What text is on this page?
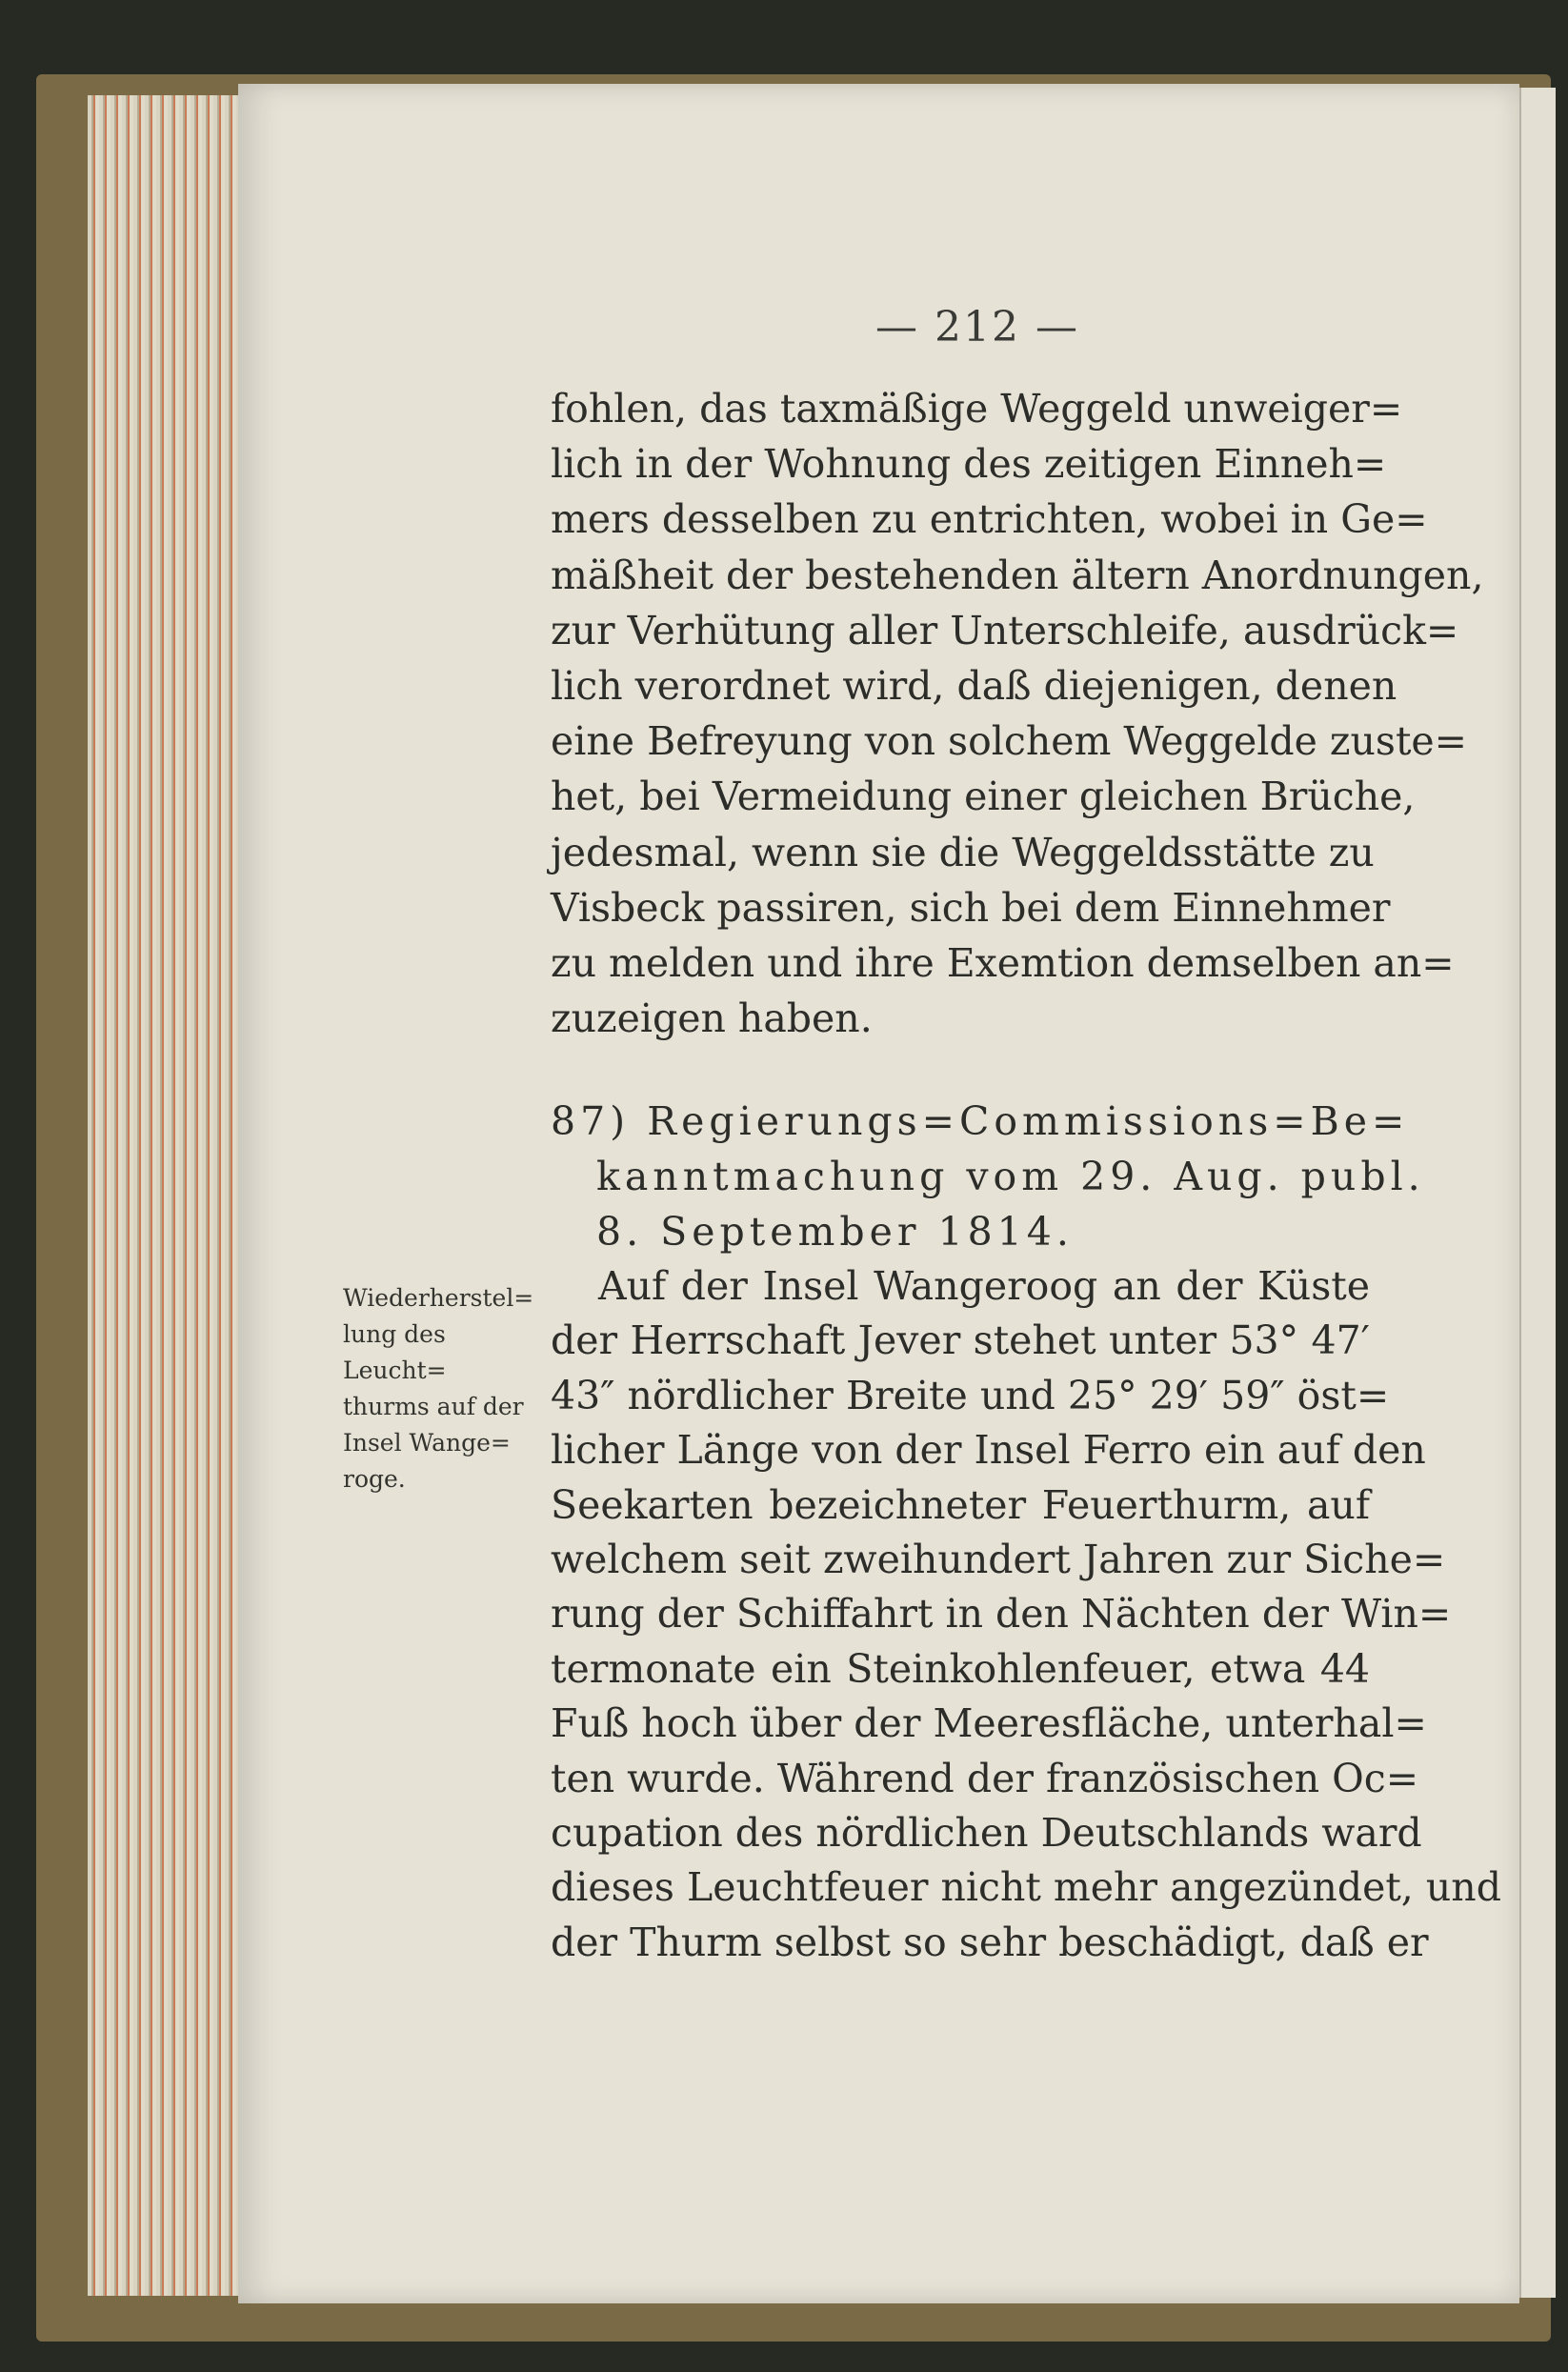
— 212 —
fohlen, das taxmäßige Weggeld unweiger=
lich in der Wohnung des zeitigen Einneh=
mers desselben zu entrichten, wobei in Ge=
mäßheit der bestehenden ältern Anordnungen,
zur Verhütung aller Unterschleife, ausdrück=
lich verordnet wird, daß diejenigen, denen
eine Befreyung von solchem Weggelde zuste=
het, bei Vermeidung einer gleichen Brüche,
jedesmal, wenn sie die Weggeldsstätte zu
Visbeck passiren, sich bei dem Einnehmer
zu melden und ihre Exemtion demselben an=
zuzeigen haben.
87) Regierungs=Commissions=Be=
kanntmachung vom 29. Aug. publ.
8. September 1814.
Wiederherstel=
lung des Leucht=
thurms auf der
Insel Wange=
roge.
Auf der Insel Wangeroog an der Küste
der Herrschaft Jever stehet unter 53° 47′
43″ nördlicher Breite und 25° 29′ 59″ öst=
licher Länge von der Insel Ferro ein auf den
Seekarten bezeichneter Feuerthurm, auf
welchem seit zweihundert Jahren zur Siche=
rung der Schiffahrt in den Nächten der Win=
termonate ein Steinkohlenfeuer, etwa 44
Fuß hoch über der Meeresfläche, unterhal=
ten wurde. Während der französischen Oc=
cupation des nördlichen Deutschlands ward
dieses Leuchtfeuer nicht mehr angezündet, und
der Thurm selbst so sehr beschädigt, daß er
